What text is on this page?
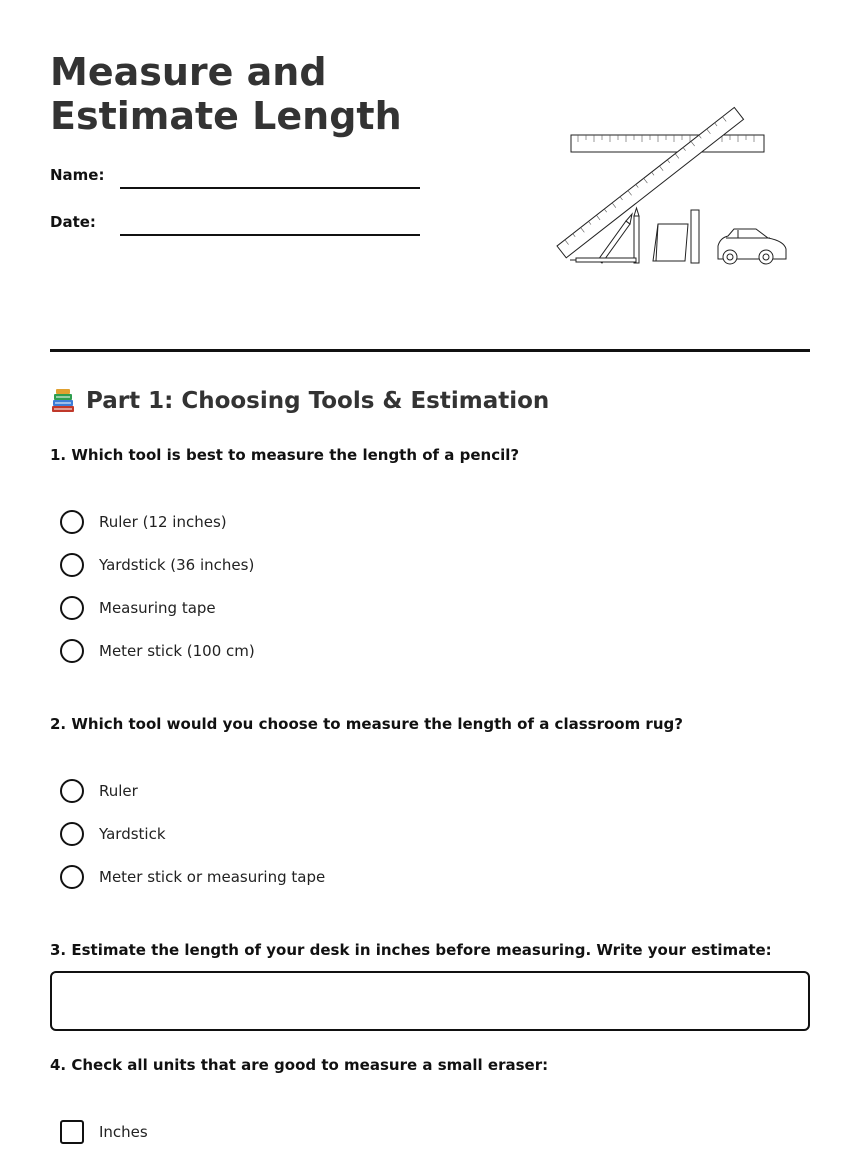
Measure and Estimate Length
Name:
Date:
Part 1: Choosing Tools & Estimation

1. Which tool is best to measure the length of a pencil?

Ruler (12 inches)
Yardstick (36 inches)
Measuring tape
Meter stick (100 cm)

2. Which tool would you choose to measure the length of a classroom rug?

Ruler
Yardstick
Meter stick or measuring tape

3. Estimate the length of your desk in inches before measuring. Write your estimate:

4. Check all units that are good to measure a small eraser:

Inches
